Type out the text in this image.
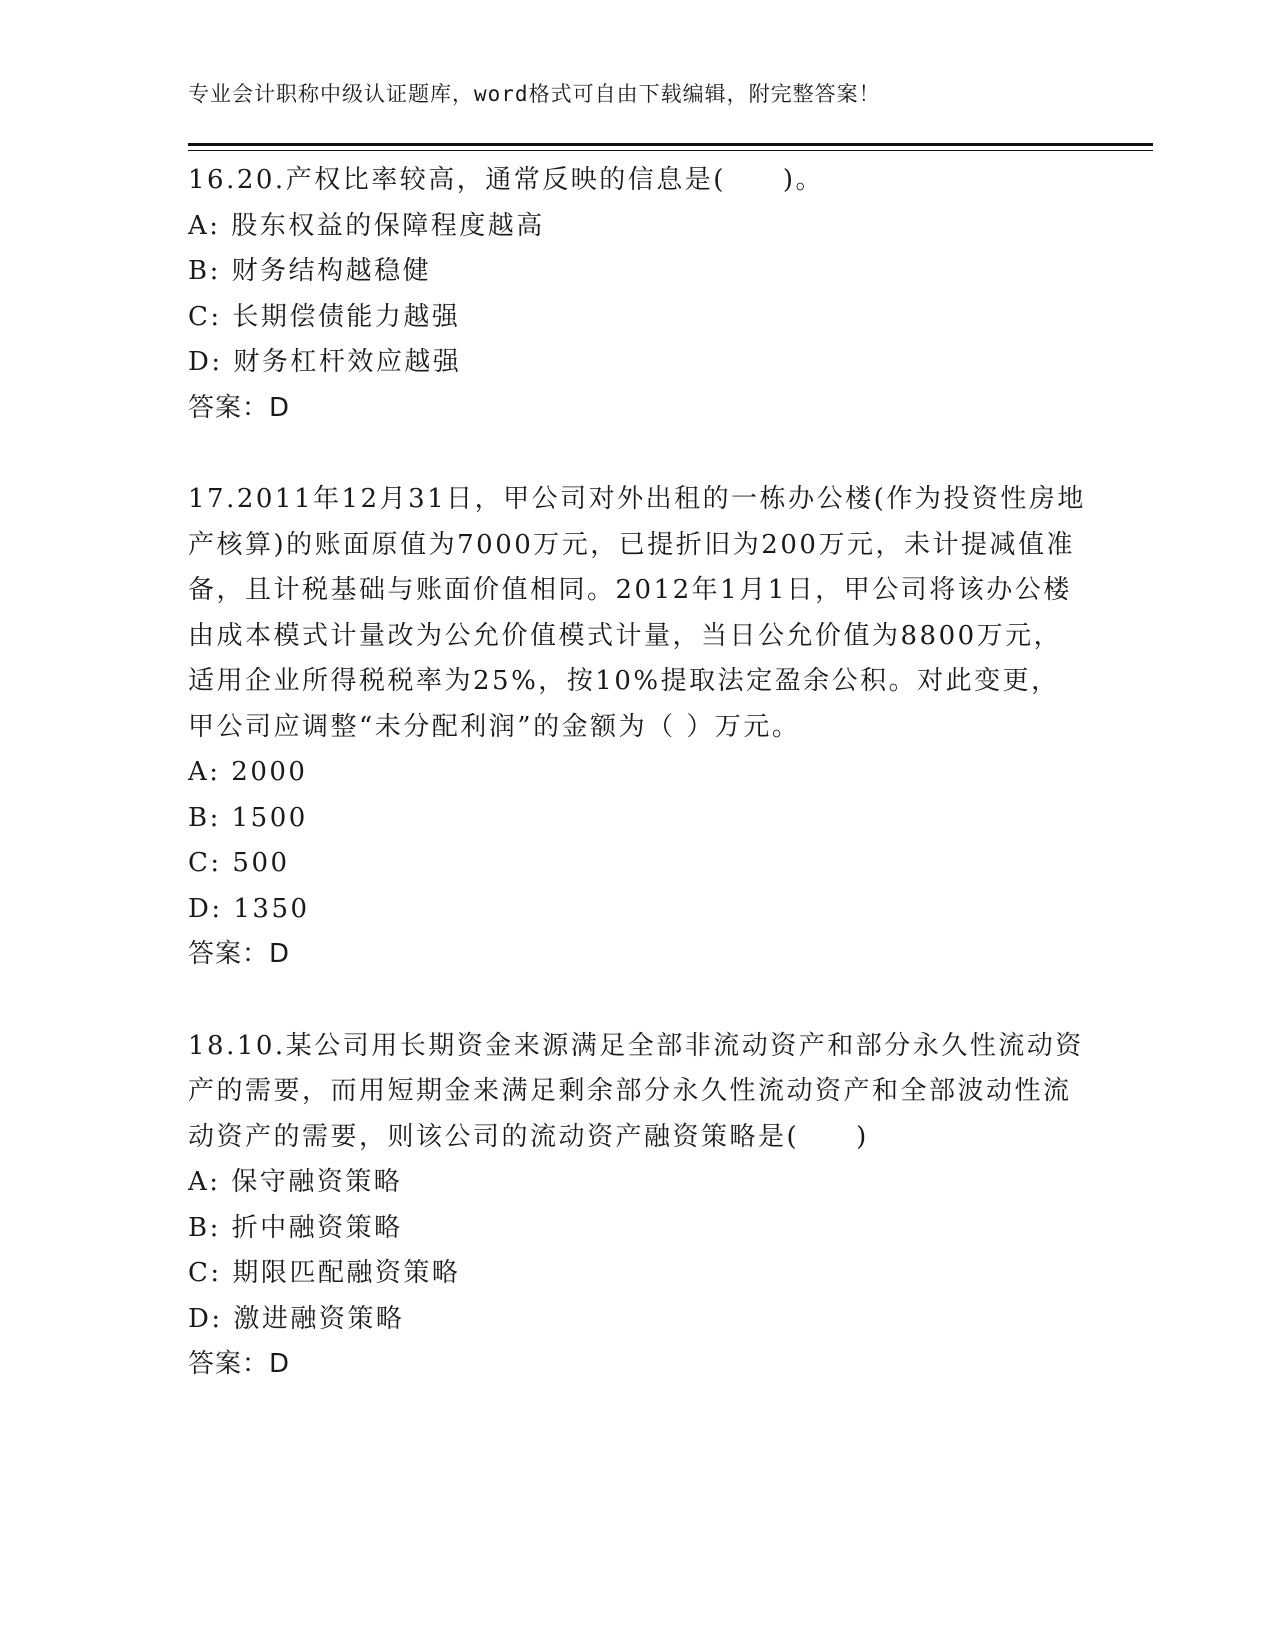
专业会计职称中级认证题库，word格式可自由下载编辑，附完整答案！

16.20.产权比率较高，通常反映的信息是(　　)。

A: 股东权益的保障程度越高

B: 财务结构越稳健

C: 长期偿债能力越强

D: 财务杠杆效应越强

答案：D

17.2011年12月31日，甲公司对外出租的一栋办公楼(作为投资性房地产核算)的账面原值为7000万元，已提折旧为200万元，未计提减值准备，且计税基础与账面价值相同。2012年1月1日，甲公司将该办公楼由成本模式计量改为公允价值模式计量，当日公允价值为8800万元，适用企业所得税税率为25%，按10%提取法定盈余公积。对此变更，甲公司应调整“未分配利润”的金额为（ ）万元。

A: 2000

B: 1500

C: 500

D: 1350

答案：D

18.10.某公司用长期资金来源满足全部非流动资产和部分永久性流动资产的需要，而用短期金来满足剩余部分永久性流动资产和全部波动性流动资产的需要，则该公司的流动资产融资策略是(　　)

A: 保守融资策略

B: 折中融资策略

C: 期限匹配融资策略

D: 激进融资策略

答案：D
